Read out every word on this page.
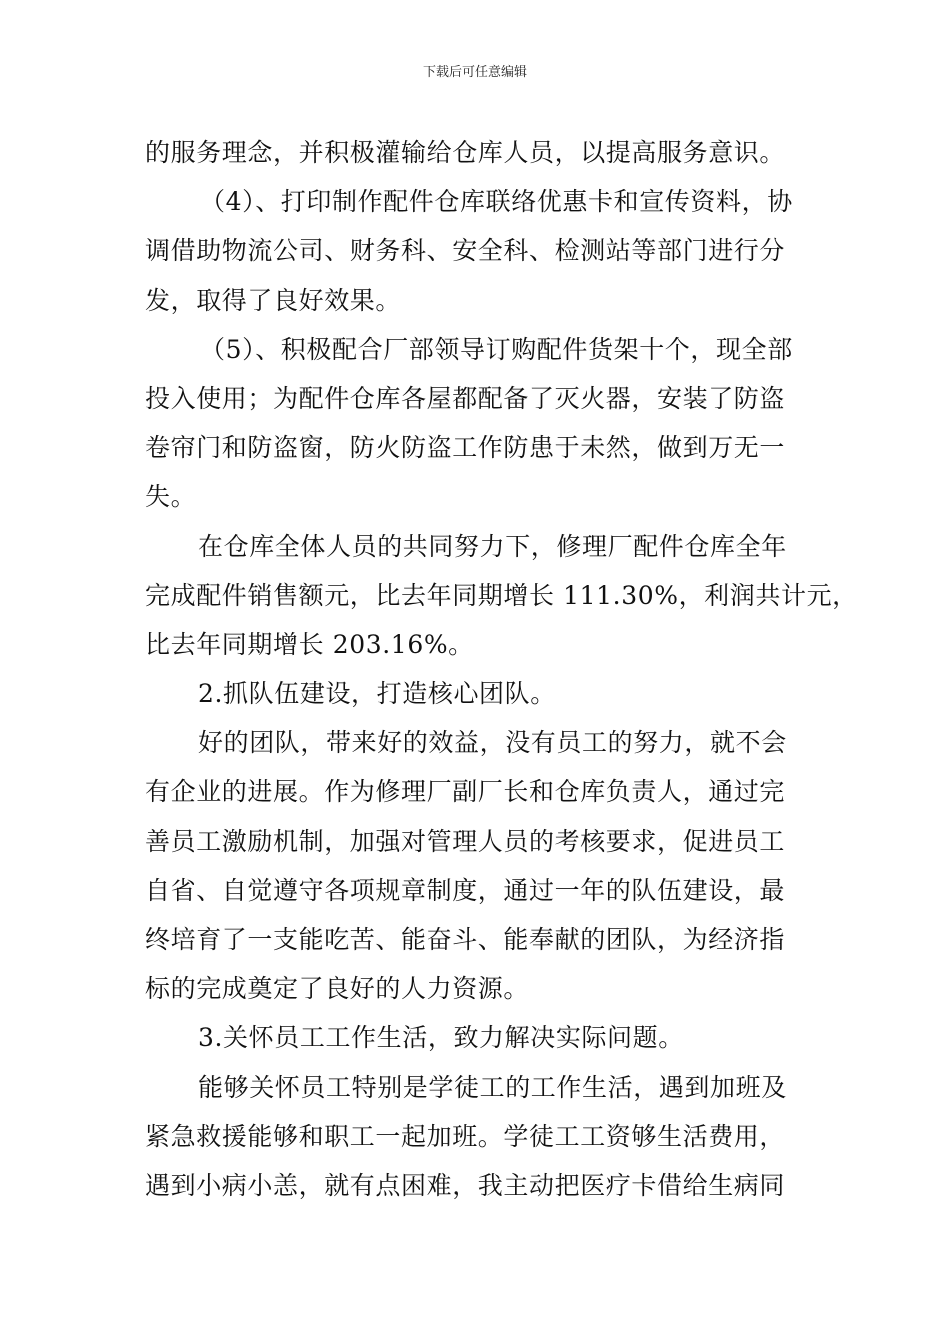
下载后可任意编辑
的服务理念，并积极灌输给仓库人员，以提高服务意识。
（4）、打印制作配件仓库联络优惠卡和宣传资料，协
调借助物流公司、财务科、安全科、检测站等部门进行分
发，取得了良好效果。
（5）、积极配合厂部领导订购配件货架十个，现全部
投入使用；为配件仓库各屋都配备了灭火器，安装了防盗
卷帘门和防盗窗，防火防盗工作防患于未然，做到万无一
失。
在仓库全体人员的共同努力下，修理厂配件仓库全年
完成配件销售额元，比去年同期增长 111.30%，利润共计元，
比去年同期增长 203.16%。
2.抓队伍建设，打造核心团队。
好的团队，带来好的效益，没有员工的努力，就不会
有企业的进展。作为修理厂副厂长和仓库负责人，通过完
善员工激励机制，加强对管理人员的考核要求，促进员工
自省、自觉遵守各项规章制度，通过一年的队伍建设，最
终培育了一支能吃苦、能奋斗、能奉献的团队，为经济指
标的完成奠定了良好的人力资源。
3.关怀员工工作生活，致力解决实际问题。
能够关怀员工特别是学徒工的工作生活，遇到加班及
紧急救援能够和职工一起加班。学徒工工资够生活费用，
遇到小病小恙，就有点困难，我主动把医疗卡借给生病同
